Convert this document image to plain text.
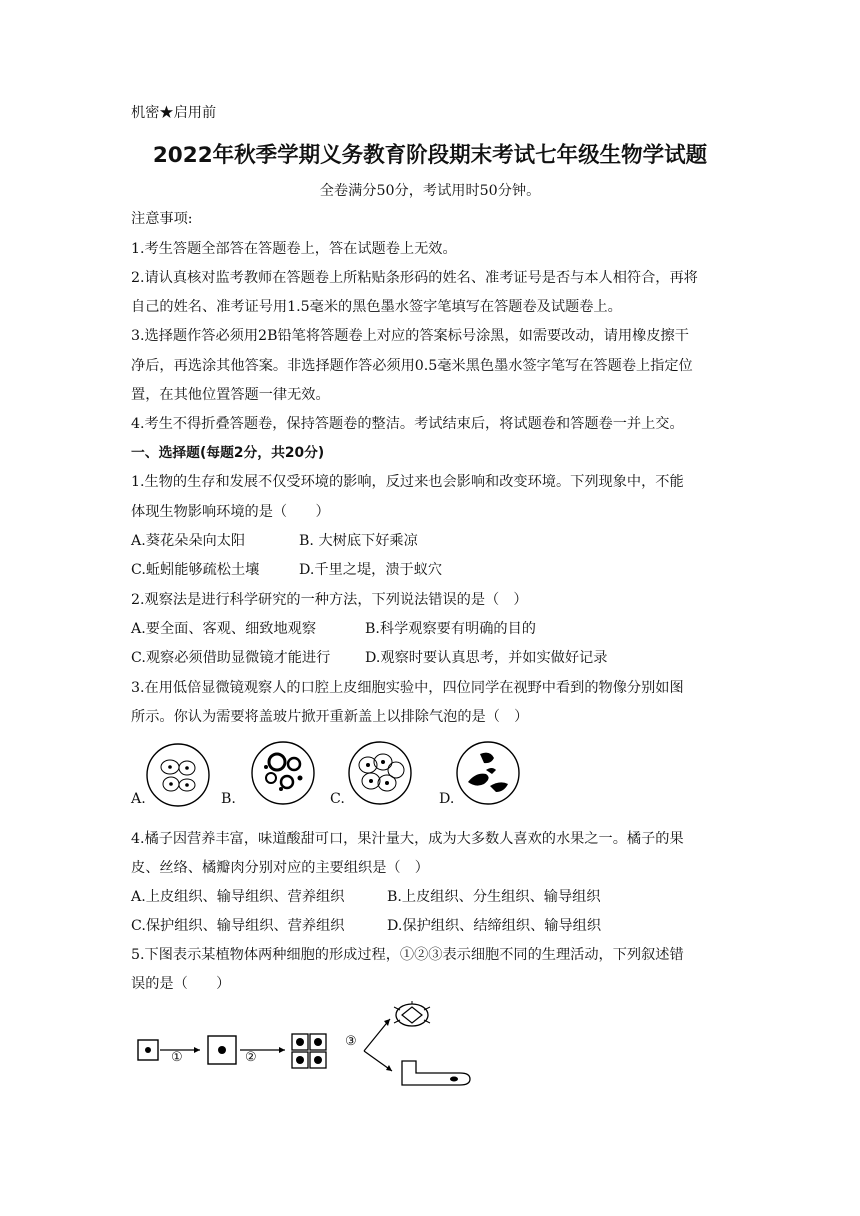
机密★启用前
2022年秋季学期义务教育阶段期末考试七年级生物学试题
全卷满分50分，考试用时50分钟。
注意事项:
1.考生答题全部答在答题卷上，答在试题卷上无效。
2.请认真核对监考教师在答题卷上所粘贴条形码的姓名、准考证号是否与本人相符合，再将
自己的姓名、准考证号用1.5毫米的黑色墨水签字笔填写在答题卷及试题卷上。
3.选择题作答必须用2B铅笔将答题卷上对应的答案标号涂黑，如需要改动，请用橡皮擦干
净后，再选涂其他答案。非选择题作答必须用0.5毫米黑色墨水签字笔写在答题卷上指定位
置，在其他位置答题一律无效。
4.考生不得折叠答题卷，保持答题卷的整洁。考试结束后，将试题卷和答题卷一并上交。
一、选择题(每题2分，共20分)
1.生物的生存和发展不仅受环境的影响，反过来也会影响和改变环境。下列现象中，不能
体现生物影响环境的是（　　）
A.葵花朵朵向太阳	B. 大树底下好乘凉
C.蚯蚓能够疏松土壤	D.千里之堤，溃于蚁穴
2.观察法是进行科学研究的一种方法，下列说法错误的是（　）
A.要全面、客观、细致地观察	B.科学观察要有明确的目的
C.观察必须借助显微镜才能进行 D.观察时要认真思考，并如实做好记录
3.在用低倍显微镜观察人的口腔上皮细胞实验中，四位同学在视野中看到的物像分别如图
所示。你认为需要将盖玻片掀开重新盖上以排除气泡的是（　）
A.	B.	C.	D.
4.橘子因营养丰富，味道酸甜可口，果汁量大，成为大多数人喜欢的水果之一。橘子的果
皮、丝络、橘瓣肉分别对应的主要组织是（　）
A.上皮组织、输导组织、营养组织	B.上皮组织、分生组织、输导组织
C.保护组织、输导组织、营养组织	D.保护组织、结缔组织、输导组织
5.下图表示某植物体两种细胞的形成过程，①②③表示细胞不同的生理活动，下列叙述错
误的是（　　）
①	②
③
